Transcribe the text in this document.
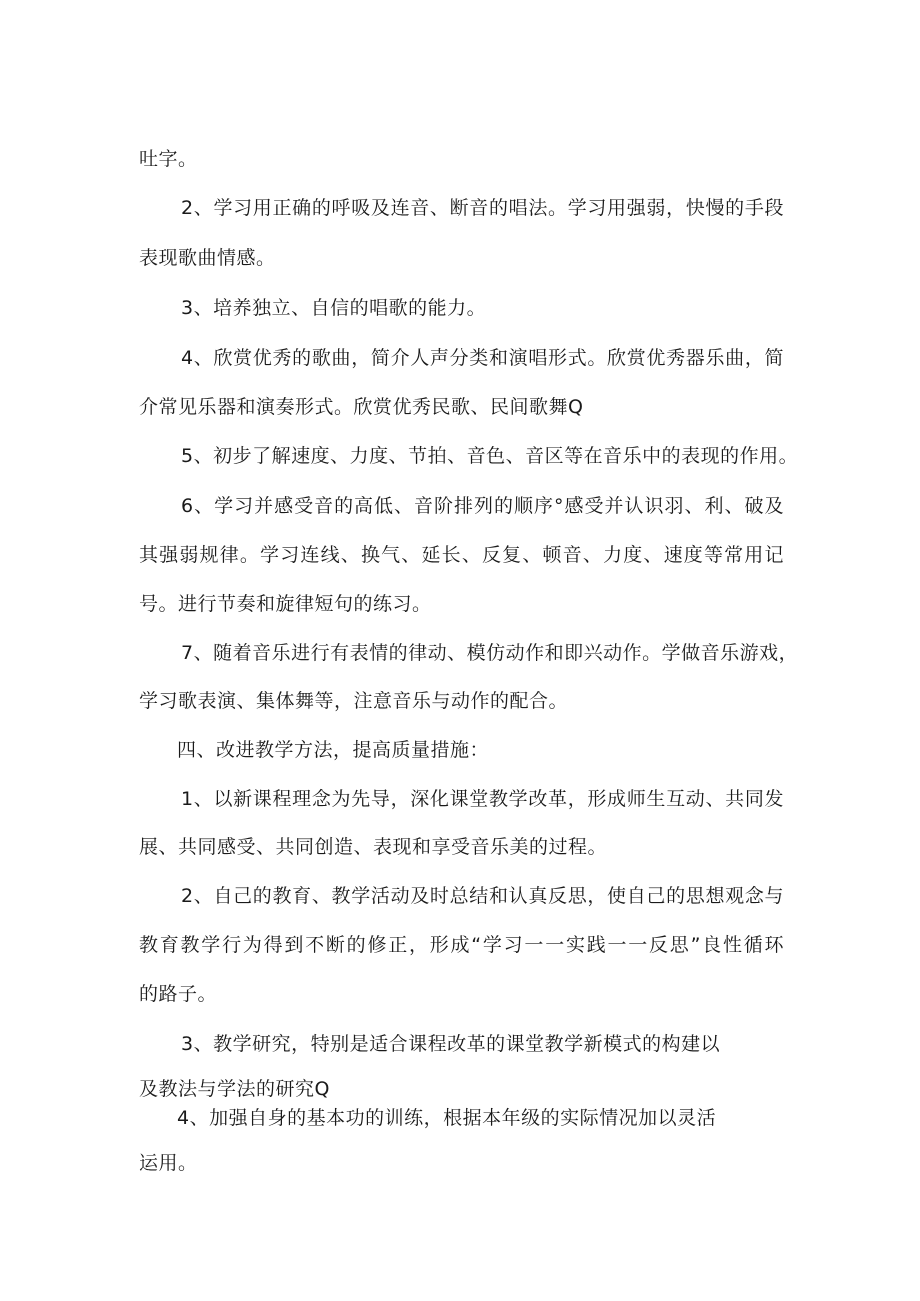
吐字。
2、学习用正确的呼吸及连音、断音的唱法。学习用强弱，快慢的手段
表现歌曲情感。
3、培养独立、自信的唱歌的能力。
4、欣赏优秀的歌曲，简介人声分类和演唱形式。欣赏优秀器乐曲，简
介常见乐器和演奏形式。欣赏优秀民歌、民间歌舞Q
5、初步了解速度、力度、节拍、音色、音区等在音乐中的表现的作用。
6、学习并感受音的高低、音阶排列的顺序°感受并认识羽、利、破及
其强弱规律。学习连线、换气、延长、反复、顿音、力度、速度等常用记
号。进行节奏和旋律短句的练习。
7、随着音乐进行有表情的律动、模仿动作和即兴动作。学做音乐游戏，
学习歌表演、集体舞等，注意音乐与动作的配合。
四、改进教学方法，提高质量措施：
1、以新课程理念为先导，深化课堂教学改革，形成师生互动、共同发
展、共同感受、共同创造、表现和享受音乐美的过程。
2、自己的教育、教学活动及时总结和认真反思，使自己的思想观念与
教育教学行为得到不断的修正，形成“学习一一实践一一反思”良性循环
的路子。
3、教学研究，特别是适合课程改革的课堂教学新模式的构建以
及教法与学法的研究Q
4、加强自身的基本功的训练，根据本年级的实际情况加以灵活
运用。
